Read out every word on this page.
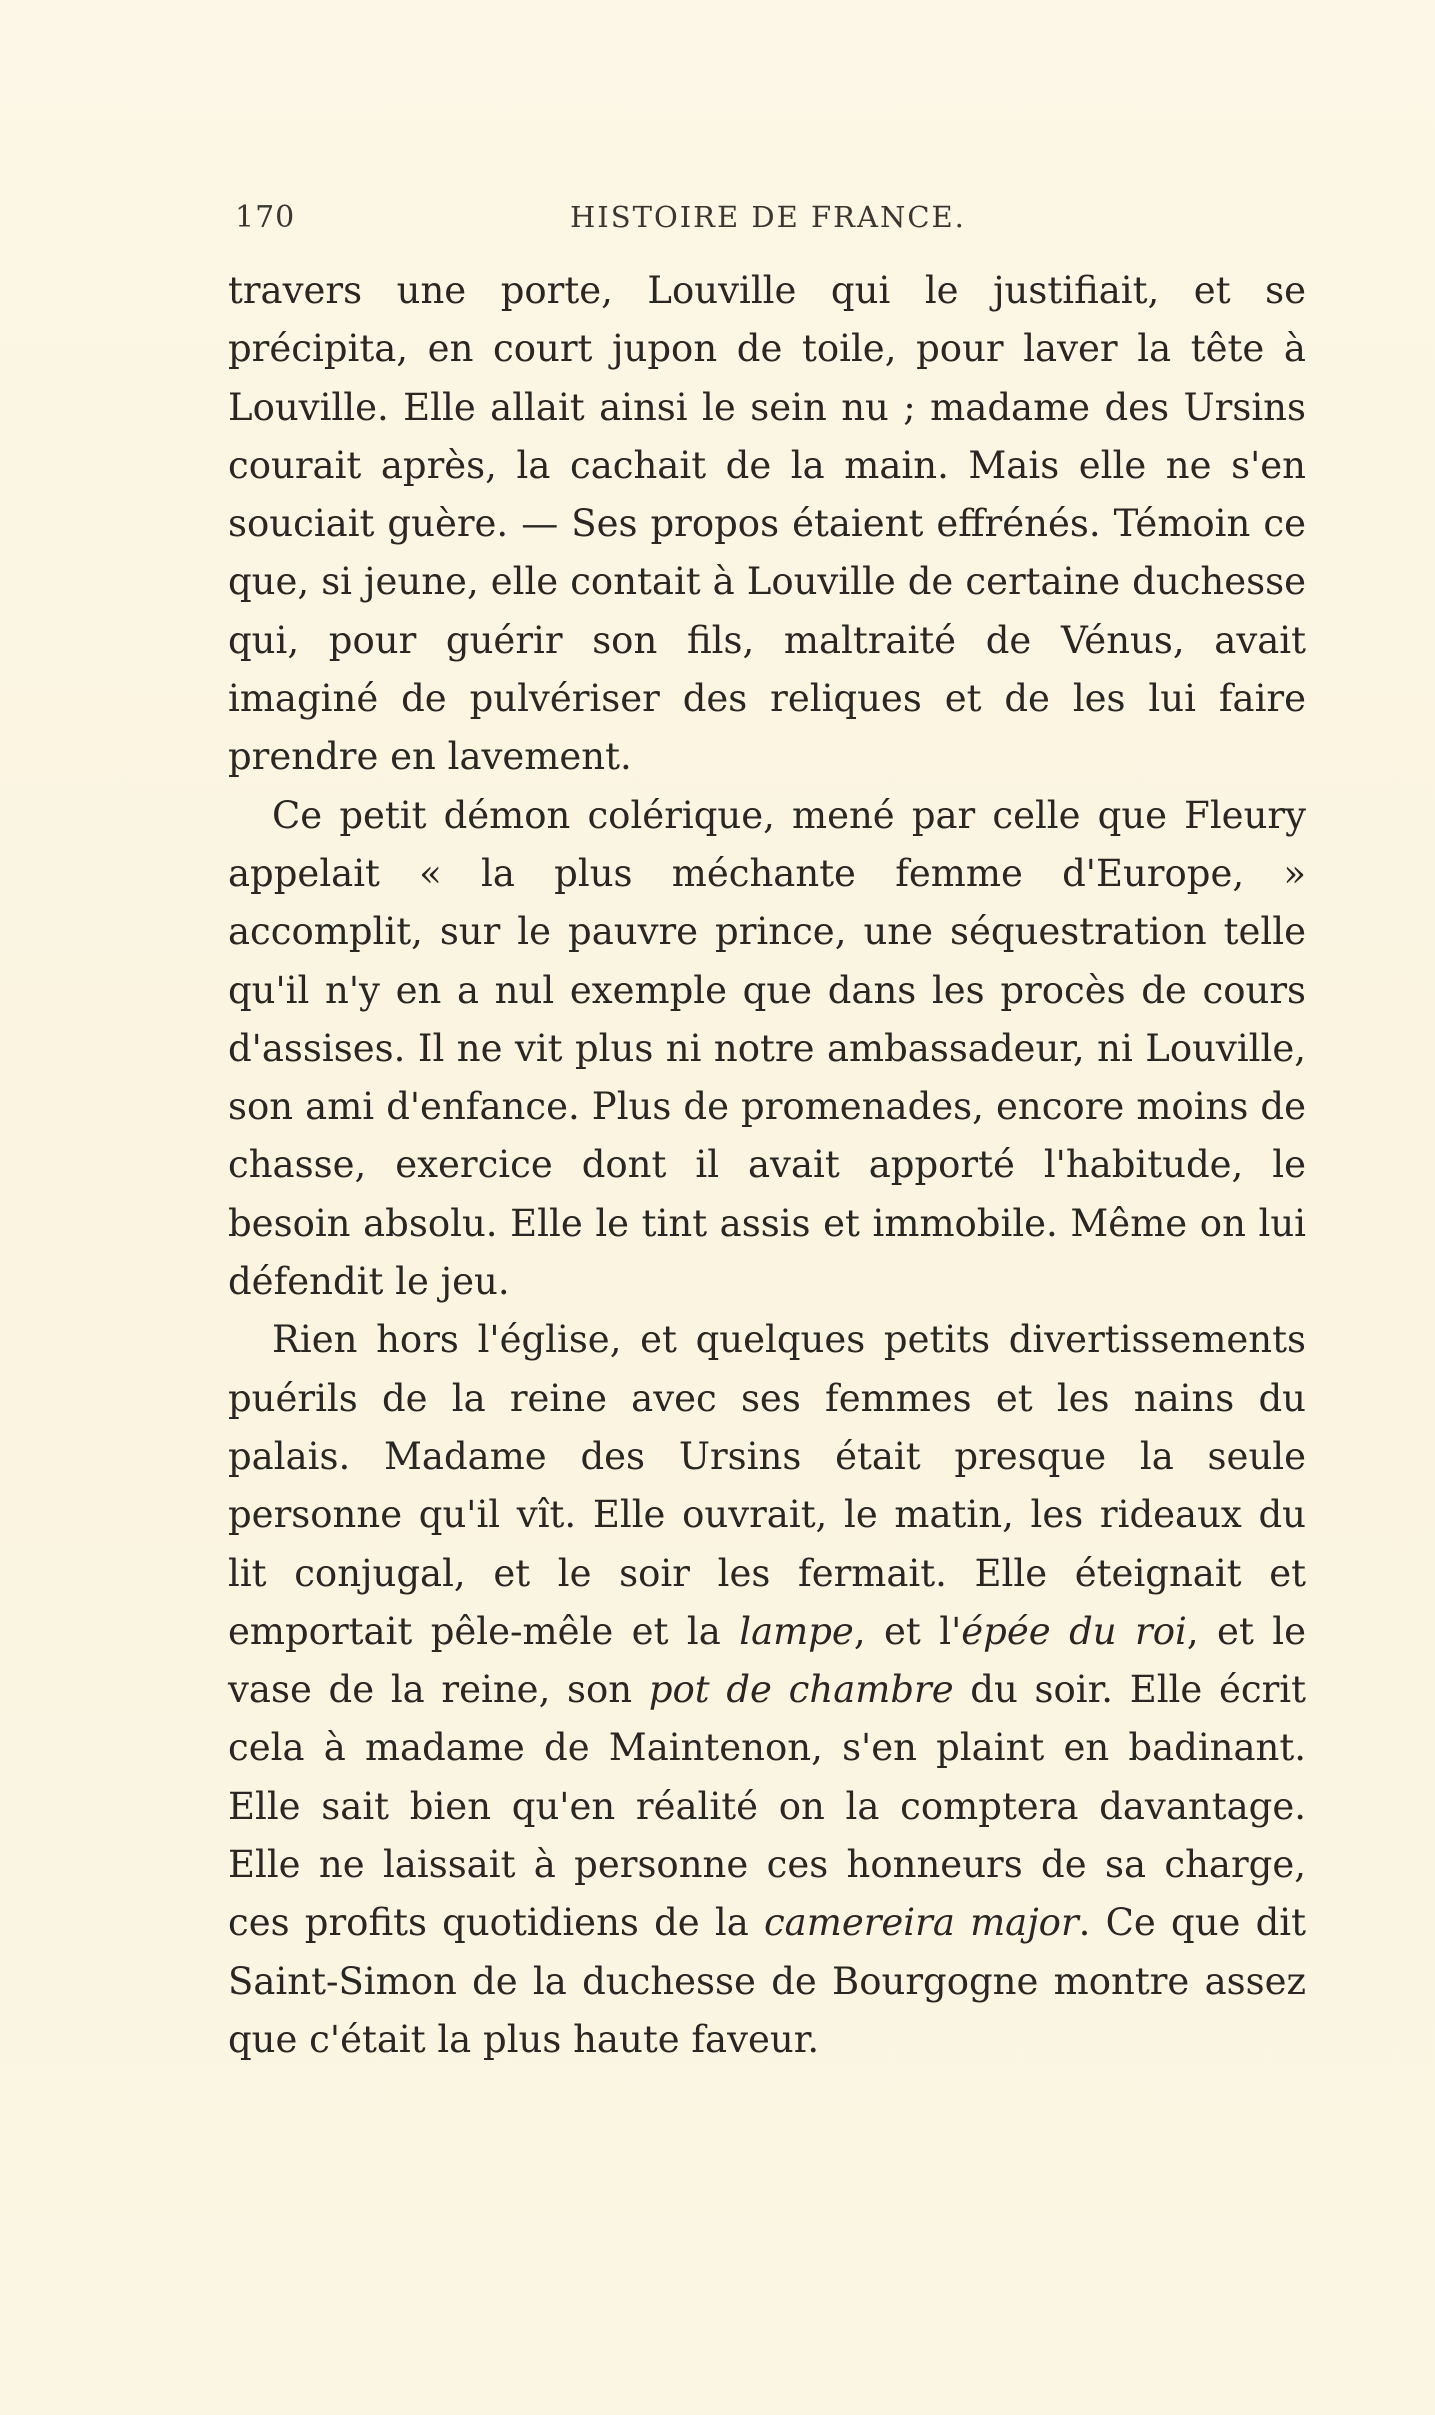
170	HISTOIRE DE FRANCE.

travers une porte, Louville qui le justifiait, et se précipita, en court jupon de toile, pour laver la tête à Louville. Elle allait ainsi le sein nu ; madame des Ursins courait après, la cachait de la main. Mais elle ne s'en souciait guère. — Ses propos étaient effrénés. Témoin ce que, si jeune, elle contait à Louville de certaine duchesse qui, pour guérir son fils, maltraité de Vénus, avait imaginé de pulvériser des reliques et de les lui faire prendre en lavement.

Ce petit démon colérique, mené par celle que Fleury appelait « la plus méchante femme d'Europe, » accomplit, sur le pauvre prince, une séquestration telle qu'il n'y en a nul exemple que dans les procès de cours d'assises. Il ne vit plus ni notre ambassadeur, ni Louville, son ami d'enfance. Plus de promenades, encore moins de chasse, exercice dont il avait apporté l'habitude, le besoin absolu. Elle le tint assis et immobile. Même on lui défendit le jeu.

Rien hors l'église, et quelques petits divertissements puérils de la reine avec ses femmes et les nains du palais. Madame des Ursins était presque la seule personne qu'il vît. Elle ouvrait, le matin, les rideaux du lit conjugal, et le soir les fermait. Elle éteignait et emportait pêle-mêle et la lampe, et l'épée du roi, et le vase de la reine, son pot de chambre du soir. Elle écrit cela à madame de Maintenon, s'en plaint en badinant. Elle sait bien qu'en réalité on la comptera davantage. Elle ne laissait à personne ces honneurs de sa charge, ces profits quotidiens de la camereira major. Ce que dit Saint-Simon de la duchesse de Bourgogne montre assez que c'était la plus haute faveur.
